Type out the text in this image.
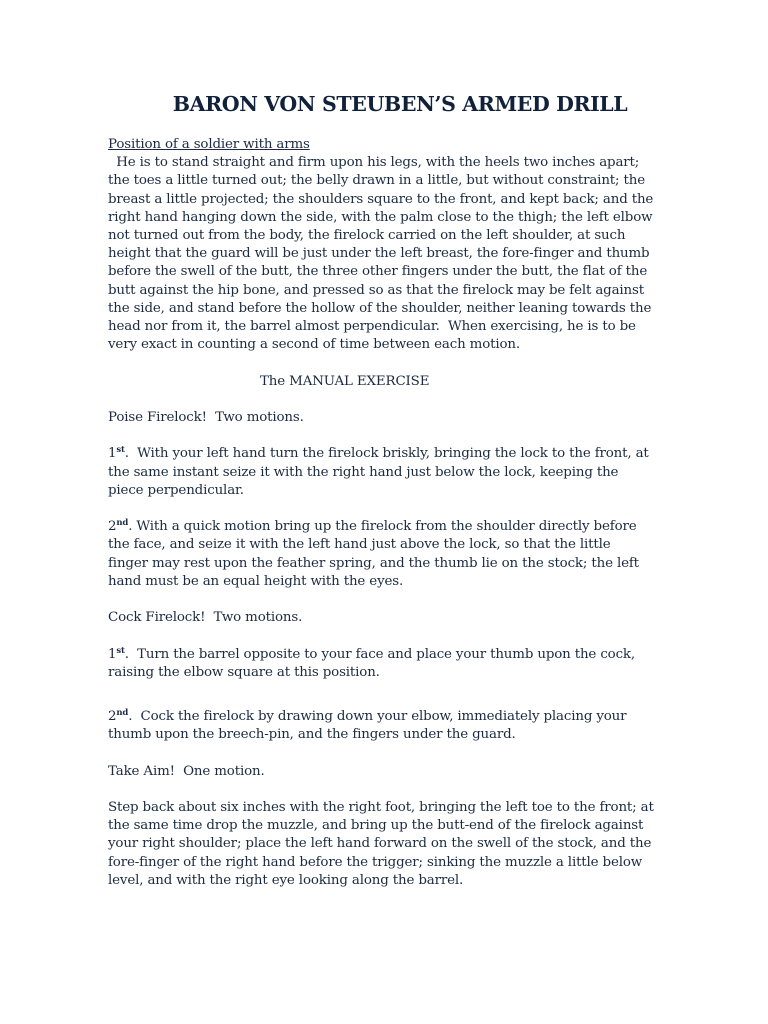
BARON VON STEUBEN’S ARMED DRILL

Position of a soldier with arms

He is to stand straight and firm upon his legs, with the heels two inches apart;

the toes a little turned out; the belly drawn in a little, but without constraint; the

breast a little projected; the shoulders square to the front, and kept back; and the

right hand hanging down the side, with the palm close to the thigh; the left elbow

not turned out from the body, the firelock carried on the left shoulder, at such

height that the guard will be just under the left breast, the fore-finger and thumb

before the swell of the butt, the three other fingers under the butt, the flat of the

butt against the hip bone, and pressed so as that the firelock may be felt against

the side, and stand before the hollow of the shoulder, neither leaning towards the

head nor from it, the barrel almost perpendicular.  When exercising, he is to be

very exact in counting a second of time between each motion.

The MANUAL EXERCISE

Poise Firelock!  Two motions.

1st.  With your left hand turn the firelock briskly, bringing the lock to the front, at

the same instant seize it with the right hand just below the lock, keeping the

piece perpendicular.

2nd. With a quick motion bring up the firelock from the shoulder directly before

the face, and seize it with the left hand just above the lock, so that the little

finger may rest upon the feather spring, and the thumb lie on the stock; the left

hand must be an equal height with the eyes.

Cock Firelock!  Two motions.

1st.  Turn the barrel opposite to your face and place your thumb upon the cock,

raising the elbow square at this position.

2nd.  Cock the firelock by drawing down your elbow, immediately placing your

thumb upon the breech-pin, and the fingers under the guard.

Take Aim!  One motion.

Step back about six inches with the right foot, bringing the left toe to the front; at

the same time drop the muzzle, and bring up the butt-end of the firelock against

your right shoulder; place the left hand forward on the swell of the stock, and the

fore-finger of the right hand before the trigger; sinking the muzzle a little below

level, and with the right eye looking along the barrel.
